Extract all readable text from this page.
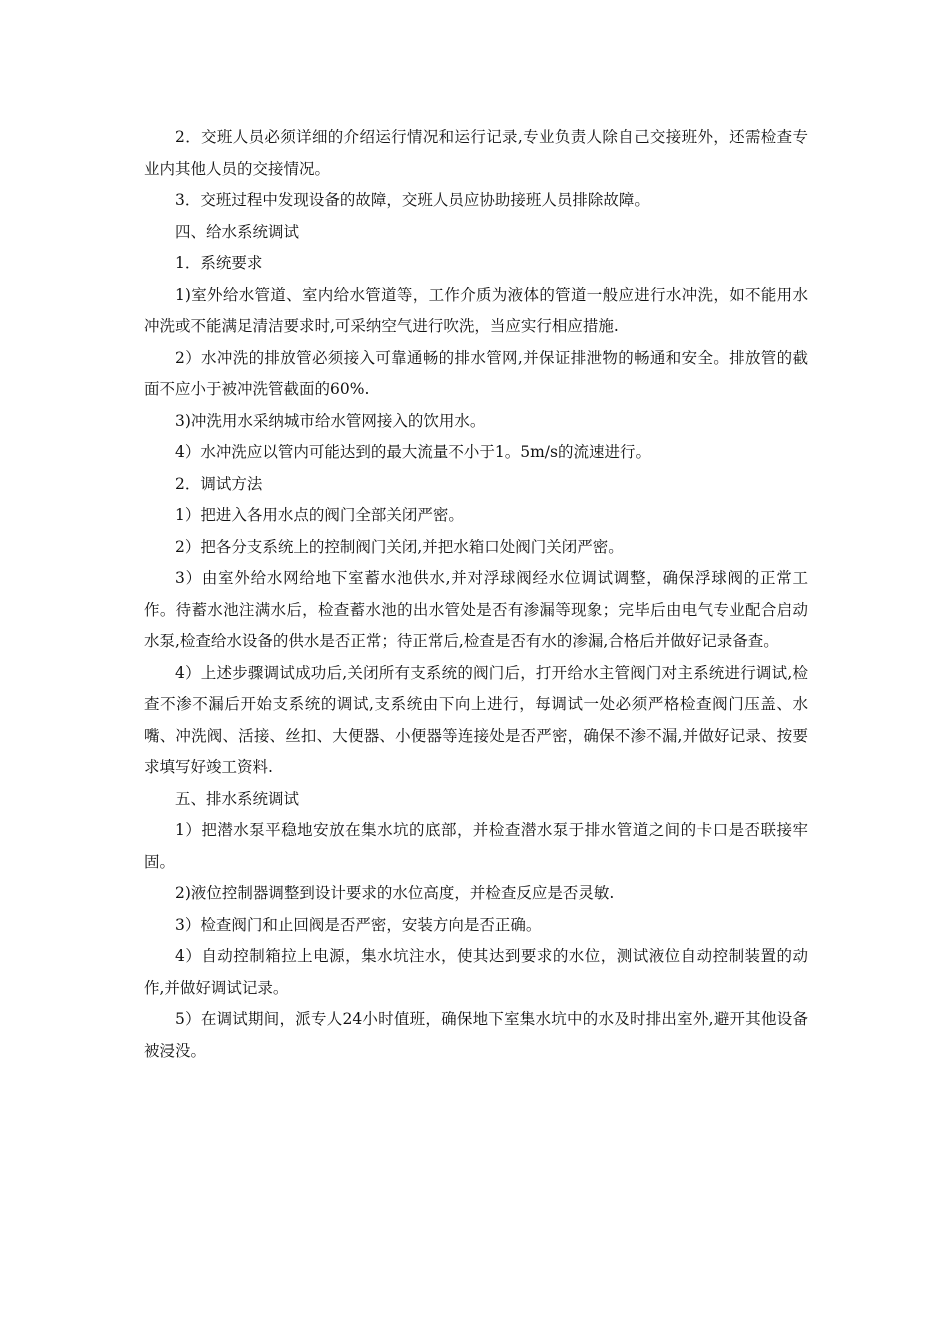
2．交班人员必须详细的介绍运行情况和运行记录,专业负责人除自己交接班外，还需检查专业内其他人员的交接情况。

3．交班过程中发现设备的故障，交班人员应协助接班人员排除故障。

四、给水系统调试

1．系统要求

1)室外给水管道、室内给水管道等，工作介质为液体的管道一般应进行水冲洗，如不能用水冲洗或不能满足清洁要求时,可采纳空气进行吹洗，当应实行相应措施.

2）水冲洗的排放管必须接入可靠通畅的排水管网,并保证排泄物的畅通和安全。排放管的截面不应小于被冲洗管截面的60%.

3)冲洗用水采纳城市给水管网接入的饮用水。

4）水冲洗应以管内可能达到的最大流量不小于1。5m/s的流速进行。

2．调试方法

1）把进入各用水点的阀门全部关闭严密。

2）把各分支系统上的控制阀门关闭,并把水箱口处阀门关闭严密。

3）由室外给水网给地下室蓄水池供水,并对浮球阀经水位调试调整，确保浮球阀的正常工作。待蓄水池注满水后，检查蓄水池的出水管处是否有渗漏等现象；完毕后由电气专业配合启动水泵,检查给水设备的供水是否正常；待正常后,检查是否有水的渗漏,合格后并做好记录备查。

4）上述步骤调试成功后,关闭所有支系统的阀门后，打开给水主管阀门对主系统进行调试,检查不渗不漏后开始支系统的调试,支系统由下向上进行，每调试一处必须严格检查阀门压盖、水嘴、冲洗阀、活接、丝扣、大便器、小便器等连接处是否严密，确保不渗不漏,并做好记录、按要求填写好竣工资料.

五、排水系统调试

1）把潜水泵平稳地安放在集水坑的底部，并检查潜水泵于排水管道之间的卡口是否联接牢固。

2)液位控制器调整到设计要求的水位高度，并检查反应是否灵敏.

3）检查阀门和止回阀是否严密，安装方向是否正确。

4）自动控制箱拉上电源，集水坑注水，使其达到要求的水位，测试液位自动控制装置的动作,并做好调试记录。

5）在调试期间，派专人24小时值班，确保地下室集水坑中的水及时排出室外,避开其他设备被浸没。
